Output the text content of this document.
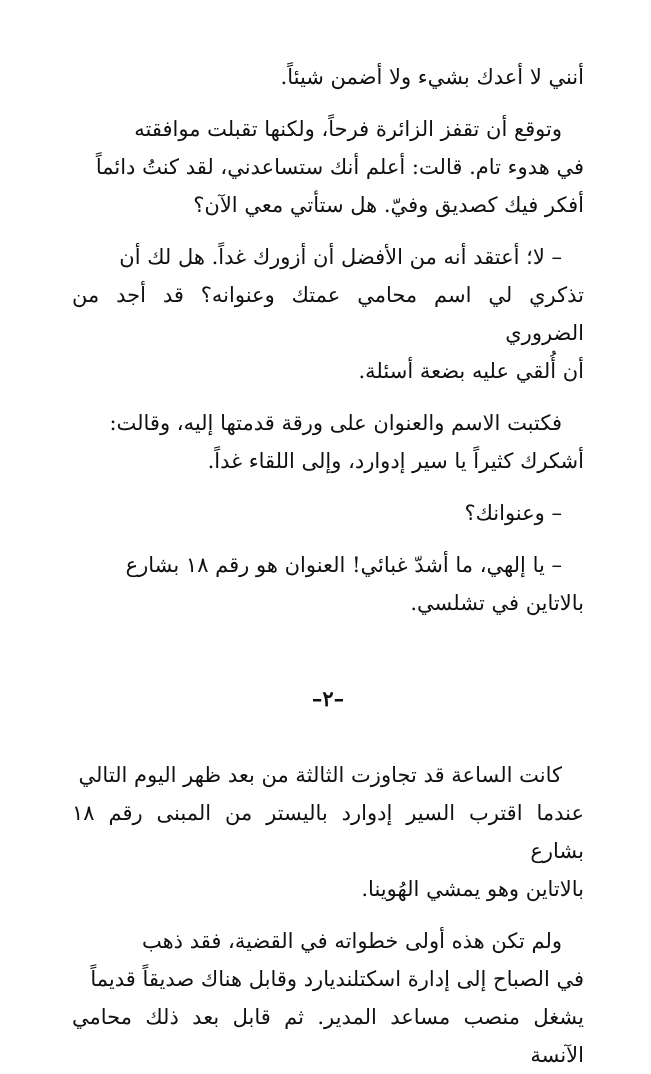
أنني لا أعدك بشيء ولا أضمن شيئاً.

وتوقع أن تقفز الزائرة فرحاً، ولكنها تقبلت موافقته
في هدوء تام. قالت: أعلم أنك ستساعدني، لقد كنتُ دائماً
أفكر فيك كصديق وفيّ. هل ستأتي معي الآن؟

– لا؛ أعتقد أنه من الأفضل أن أزورك غداً. هل لك أن
تذكري لي اسم محامي عمتك وعنوانه؟ قد أجد من الضروري
أن أُلقي عليه بضعة أسئلة.

فكتبت الاسم والعنوان على ورقة قدمتها إليه، وقالت:
أشكرك كثيراً يا سير إدوارد، وإلى اللقاء غداً.

– وعنوانك؟

– يا إلهي، ما أشدّ غبائي! العنوان هو رقم ١٨ بشارع
بالاتاين في تشلسي.

–٢–

كانت الساعة قد تجاوزت الثالثة من بعد ظهر اليوم التالي
عندما اقترب السير إدوارد باليستر من المبنى رقم ١٨ بشارع
بالاتاين وهو يمشي الهُوينا.

ولم تكن هذه أولى خطواته في القضية، فقد ذهب
في الصباح إلى إدارة اسكتلنديارد وقابل هناك صديقاً قديماً
يشغل منصب مساعد المدير. ثم قابل بعد ذلك محامي الآنسة
